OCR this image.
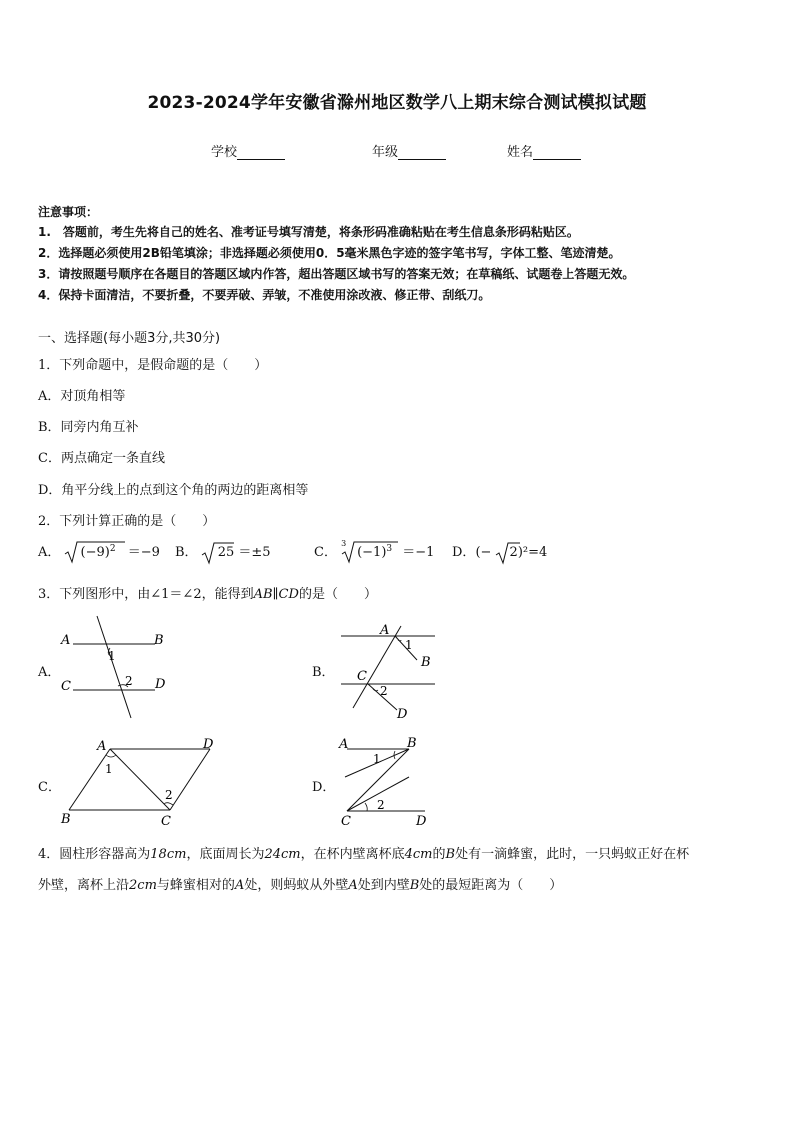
2023-2024学年安徽省滁州地区数学八上期末综合测试模拟试题
学校	年级	姓名
注意事项：
1.　答题前，考生先将自己的姓名、准考证号填写清楚，将条形码准确粘贴在考生信息条形码粘贴区。
2．选择题必须使用2B铅笔填涂；非选择题必须使用0．5毫米黑色字迹的签字笔书写，字体工整、笔迹清楚。
3．请按照题号顺序在各题目的答题区域内作答，超出答题区域书写的答案无效；在草稿纸、试题卷上答题无效。
4．保持卡面清洁，不要折叠，不要弄破、弄皱，不准使用涂改液、修正带、刮纸刀。
一、选择题(每小题3分,共30分)
1．下列命题中，是假命题的是（　　）
A．对顶角相等
B．同旁内角互补
C．两点确定一条直线
D．角平分线上的点到这个角的两边的距离相等
2．下列计算正确的是（　　）
A． $(-9)^2 =-9$ B． 25 ＝±5	C．
3
$(-1)^3 =-1$ D．(− 2)²=4
3．下列图形中，由∠1＝∠2，能得到AB∥CD的是（　　）
A．	B．
C．	D．
A	B
C	D
1
2
A
B
C
D
1
2
A	D
B	C
1
2
A	B
C	D
1
2
4．圆柱形容器高为18cm，底面周长为24cm，在杯内壁离杯底4cm的B处有一滴蜂蜜，此时，一只蚂蚁正好在杯
外壁，离杯上沿2cm与蜂蜜相对的A处，则蚂蚁从外壁A处到内壁B处的最短距离为（　　）
